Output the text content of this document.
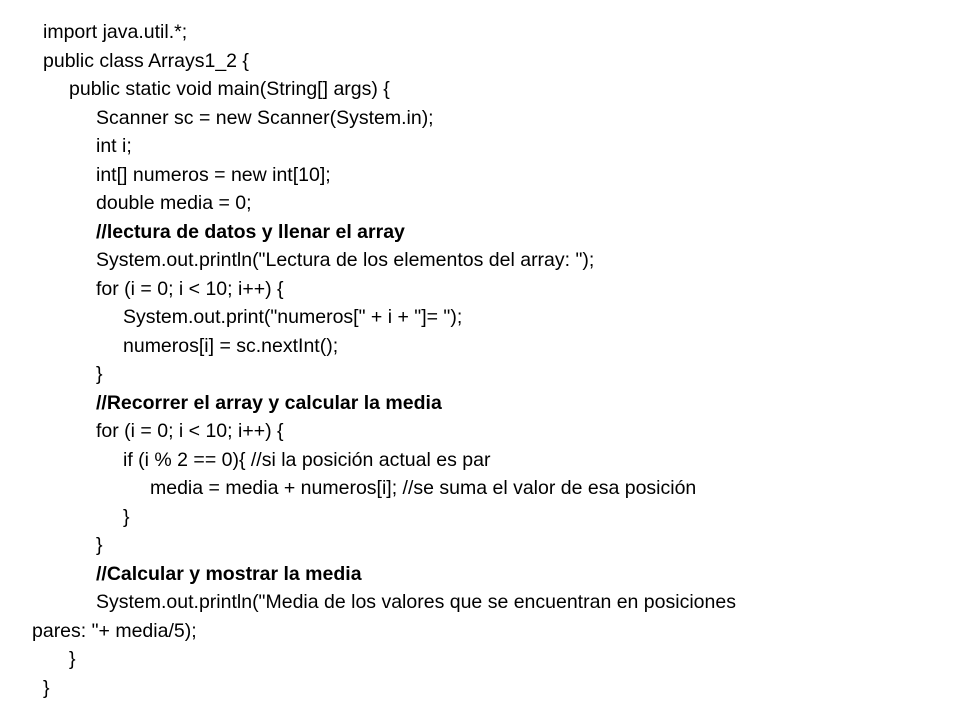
import java.util.*;
public class Arrays1_2 {
public static void main(String[] args) {
Scanner sc = new Scanner(System.in);
int i;
int[] numeros = new int[10];
double media = 0;
//lectura de datos y llenar el array
System.out.println("Lectura de los elementos del array: ");
for (i = 0; i < 10; i++) {
System.out.print("numeros[" + i + "]= ");
numeros[i] = sc.nextInt();
}
//Recorrer el array y calcular la media
for (i = 0; i < 10; i++) {
if (i % 2 == 0){ //si la posición actual es par
media = media + numeros[i]; //se suma el valor de esa posición
}
}
//Calcular y mostrar la media
System.out.println("Media de los valores que se encuentran en posiciones
pares: "+ media/5);
}
}
